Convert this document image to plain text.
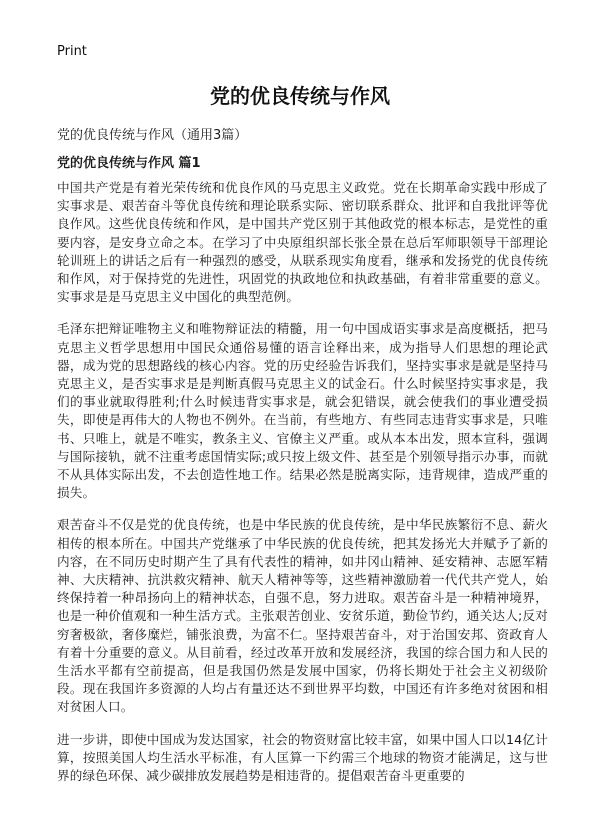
Print
党的优良传统与作风

党的优良传统与作风（通用3篇）

党的优良传统与作风 篇1

中国共产党是有着光荣传统和优良作风的马克思主义政党。党在长期革命实践中形成了实事求是、艰苦奋斗等优良传统和理论联系实际、密切联系群众、批评和自我批评等优良作风。这些优良传统和作风，是中国共产党区别于其他政党的根本标志，是党性的重要内容，是安身立命之本。在学习了中央原组织部长张全景在总后军师职领导干部理论轮训班上的讲话之后有一种强烈的感受，从联系现实角度看，继承和发扬党的优良传统和作风，对于保持党的先进性，巩固党的执政地位和执政基础，有着非常重要的意义。实事求是是马克思主义中国化的典型范例。

毛泽东把辩证唯物主义和唯物辩证法的精髓，用一句中国成语实事求是高度概括，把马克思主义哲学思想用中国民众通俗易懂的语言诠释出来，成为指导人们思想的理论武器，成为党的思想路线的核心内容。党的历史经验告诉我们，坚持实事求是就是坚持马克思主义，是否实事求是是判断真假马克思主义的试金石。什么时候坚持实事求是，我们的事业就取得胜利;什么时候违背实事求是，就会犯错误，就会使我们的事业遭受损失，即使是再伟大的人物也不例外。在当前，有些地方、有些同志违背实事求是，只唯书、只唯上，就是不唯实，教条主义、官僚主义严重。或从本本出发，照本宣科，强调与国际接轨，就不注重考虑国情实际;或只按上级文件、甚至是个别领导指示办事，而就不从具体实际出发，不去创造性地工作。结果必然是脱离实际，违背规律，造成严重的损失。

艰苦奋斗不仅是党的优良传统，也是中华民族的优良传统，是中华民族繁衍不息、薪火相传的根本所在。中国共产党继承了中华民族的优良传统，把其发扬光大并赋予了新的内容，在不同历史时期产生了具有代表性的精神，如井冈山精神、延安精神、志愿军精神、大庆精神、抗洪救灾精神、航天人精神等等，这些精神激励着一代代共产党人，始终保持着一种昂扬向上的精神状态，自强不息，努力进取。艰苦奋斗是一种精神境界，也是一种价值观和一种生活方式。主张艰苦创业、安贫乐道，勤俭节约，通关达人;反对穷奢极欲，奢侈糜烂，铺张浪费，为富不仁。坚持艰苦奋斗，对于治国安邦、资政育人有着十分重要的意义。从目前看，经过改革开放和发展经济，我国的综合国力和人民的生活水平都有空前提高，但是我国仍然是发展中国家，仍将长期处于社会主义初级阶段。现在我国许多资源的人均占有量还达不到世界平均数，中国还有许多绝对贫困和相对贫困人口。

进一步讲，即使中国成为发达国家，社会的物资财富比较丰富，如果中国人口以14亿计算，按照美国人均生活水平标准，有人匡算一下约需三个地球的物资才能满足，这与世界的绿色环保、减少碳排放发展趋势是相违背的。提倡艰苦奋斗更重要的
